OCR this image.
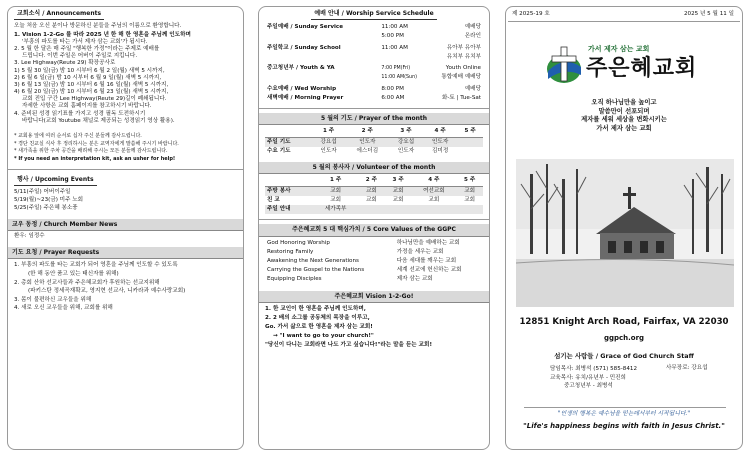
교회소식 / Announcements
오늘 처음 오신 분이나 방문하신 분들을 주님의 이름으로 환영합니다.
1. Vision 1-2-Go 를 따라 2025 년 한 해 한 영혼을 주님께 인도하며
'부흥의 파도를 타는 가서 제자 삼는 교회'가 됩시다.
2. 5 월 한 달은 매 주일 "행복한 가정"이라는 주제로 예배를
드립니다. 이번 주일은 어버이 주일로 지킵니다.
3. Lee Highway(Reute 29) 확장공사로
1) 5 월 30 일(금) 밤 10 시부터 6 월 2 일(월) 새벽 5 시까지,
2) 6 월 6 일(금) 밤 10 시부터 6 월 9 일(월) 새벽 5 시까지,
3) 6 월 13 일(금) 밤 10 시부터 6 월 16 일(월) 새벽 5 시까지,
4) 6 월 20 일(금) 밤 10 시부터 6 월 23 일(월) 새벽 5 시까지,
교회 진입 구간 Lee Highway(Reute 29)길이 폐쇄됩니다.
자세한 사항은 교회 홈페이지를 참고하시기 바랍니다.
4. 준비된 성경 읽기표를 가지고 성경 필독 도전하시기
바랍니다(교회 Youtube 채널로 제공되는 성경읽기 영상 활용).
* 교회용 앞에 여러 순서로 십자 주신 분들께 감사드립니다.
* 경단 친교실 식사 후 정리하시는 분은 교역자에게 말씀해 주시기 바랍니다.
* 새가족을 위한 주차 공간을 배려해 주시는 모든 분들께 감사드립니다.
* If you need an interpretation kit, ask an usher for help!
행사 / Upcoming Events
5/11(주일) 어버이주일
5/19(월)~23(금) 미주 노회
5/25(주일) 주은혜 봉소풍
교우 동정 / Church Member News
환우: 임정수
기도 요청 / Prayer Requests
1. 부흥의 파도를 타는 교회가 되어 영혼을 주님께 인도할 수 있도록
(한 해 동안 품고 있는 태신자를 위해)
2. 총회 산하 선교사들과 주은혜교회가 후원하는 선교지위해
(파키스탄 정세곡재확교, 영지현 선교사, 니카라과 예수사랑교회)
3. 몸이 불편하신 교우들을 위해
4. 새로 오신 교우들을 위해, 교회를 위해
예배 안내 / Worship Service Schedule
주일예배 / Sunday Service	11:00 AM	예배당
	5:00 PM	온라인
주일학교 / Sunday School	11:00 AM	유아부 유아부
		유치부 유치부
중고청년부 / Youth & YA	7:00 PM(Fri)	Youth Online
	11:00 AM(Sun)	통합예배 예배당
수요예배 / Wed Worship	8:00 PM	예배당
새벽예배 / Morning Prayer	6:00 AM	화-토 | Tue-Sat
5 월의 기도 / Prayer of the month
	1 주	2 주	3 주	4 주	5 주
주일 기도	강요섭	인도자	강요섭	인도자	
수요 기도	인도자	에스더김	인도자	김미정	
5 월의 봉사자 / Volunteer of the month
	1 주	2 주	3 주	4 주	5 주
주방 봉사	교회	교회	교회	여선교회	교회
친 교	교회	교회	교회	교회	교회
주일 안내	세가족부				
주은혜교회 5 대 핵심가치 / 5 Core Values of the GGPC
God Honoring Worship	하나님만을 예배하는 교회
Restoring Family	가정을 세우는 교회
Awakening the Next Generations	다음 세대를 깨우는 교회
Carrying the Gospel to the Nations	세계 선교에 헌신하는 교회
Equipping Disciples	제자 삼는 교회
주은혜교회 Vision 1-2-Go!
1. 한 교인이 한 영혼을 주님께 인도하며,
2. 2 배의 소그룹 공동체의 목장을 이루고,
Go. 가서 삶으로 한 영혼을 제자 삼는 교회!
→ "I want to go to your church!"
"당신이 다니는 교회라면 나도 가고 싶습니다!"라는 말을 듣는 교회!
제 2025-19 호	2025 년 5 월 11 일
가서 제자 삼는 교회
주은혜교회
오직 하나님만을 높이고
말씀만이 선포되며
제자를 세워 세상을 변화시키는
가서 제자 삼는 교회
12851 Knight Arch Road, Fairfax, VA 22030
ggpch.org
섬기는 사람들 / Grace of God Church Staff
담임목사: 최병석 (571) 585-8412
교육목사: 유치/유년부 - 민진희
중고청년부 - 최병석
사무장로: 강요섭
"인생의 행복은 예수님을 믿는데서부터 시작됩니다."
"Life's happiness begins with faith in Jesus Christ."
